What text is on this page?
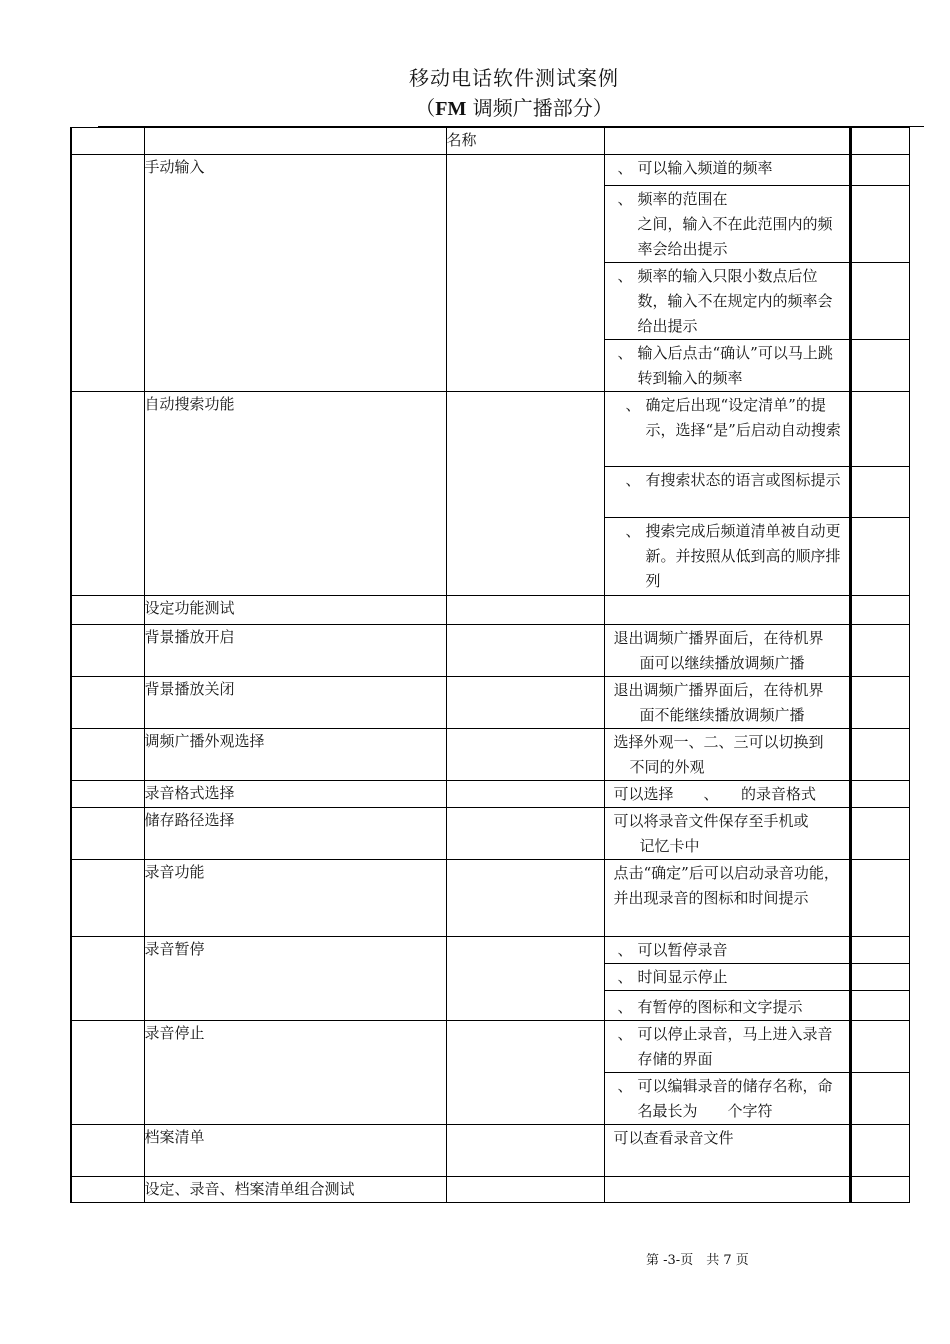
移动电话软件测试案例
（FM 调频广播部分）
		名称		
	手动输入		、 可以输入频道的频率	

			、 频率的范围在
之间，输入不在此范围内的频率会给出提示	

			、 频率的输入只限小数点后位数，输入不在规定内的频率会给出提示	

			、 输入后点击“确认”可以马上跳转到输入的频率	

	自动搜索功能		、 确定后出现“设定清单”的提示，选择“是”后启动自动搜索	

			、 有搜索状态的语言或图标提示	

			、 搜索完成后频道清单被自动更新。并按照从低到高的顺序排列	

	设定功能测试			
	背景播放开启		退出调频广播界面后，在待机界
面可以继续播放调频广播	

	背景播放关闭		退出调频广播界面后，在待机界
面不能继续播放调频广播	

	调频广播外观选择		选择外观一、二、三可以切换到
不同的外观	

	录音格式选择		可以选择　　、　　的录音格式	

	储存路径选择		可以将录音文件保存至手机或
记忆卡中	

	录音功能		点击“确定”后可以启动录音功能，并出现录音的图标和时间提示	

	录音暂停		、 可以暂停录音	

			、 时间显示停止	

			、 有暂停的图标和文字提示	

	录音停止		、 可以停止录音，马上进入录音存储的界面	

			、 可以编辑录音的储存名称，命名最长为　　个字符	

	档案清单		可以查看录音文件	

	设定、录音、档案清单组合测试			
第 -3-页　共 7 页
